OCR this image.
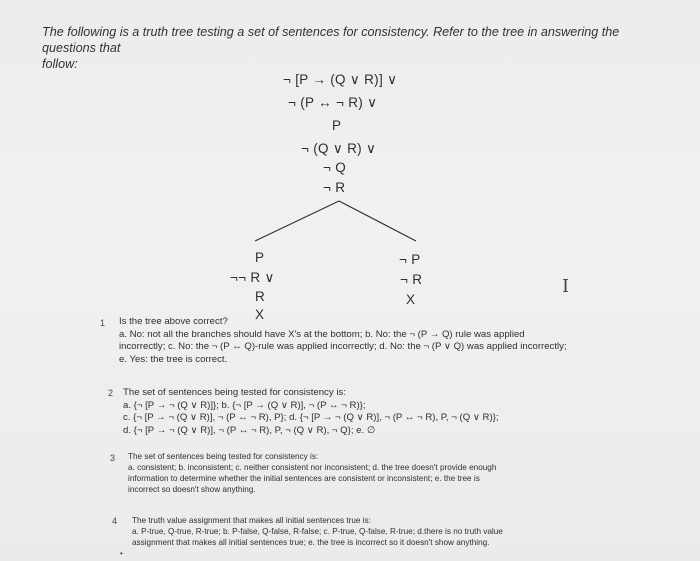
The following is a truth tree testing a set of sentences for consistency. Refer to the tree in answering the questions that
follow:
¬ [P → (Q ∨ R)] ∨
¬ (P ↔ ¬ R) ∨
P
¬ (Q ∨ R) ∨
¬ Q
¬ R
P
¬¬ R ∨
R
X
¬ P
¬ R
X
I
1 Is the tree above correct?
a. No: not all the branches should have X's at the bottom; b. No: the ¬ (P → Q) rule was applied
incorrectly; c. No: the ¬ (P ↔ Q)-rule was applied incorrectly; d. No: the ¬ (P ∨ Q) was applied incorrectly;
e. Yes: the tree is correct.
2 The set of sentences being tested for consistency is:
a. {¬ [P → ¬ (Q ∨ R)]}; b. {¬ [P → (Q ∨ R)], ¬ (P ↔ ¬ R)};
c. {¬ [P → ¬ (Q ∨ R)], ¬ (P ↔ ¬ R), P}; d. {¬ [P → ¬ (Q ∨ R)], ¬ (P ↔ ¬ R), P, ¬ (Q ∨ R)};
d. {¬ [P → ¬ (Q ∨ R)], ¬ (P ↔ ¬ R), P, ¬ (Q ∨ R), ¬ Q}; e. ∅
3 The set of sentences being tested for consistency is:
a. consistent; b. inconsistent; c. neither consistent nor inconsistent; d. the tree doesn't provide enough
information to determine whether the initial sentences are consistent or inconsistent; e. the tree is
incorrect so doesn't show anything.
4 The truth value assignment that makes all initial sentences true is:
a. P-true, Q-true, R-true; b. P-false, Q-false, R-false; c. P-true, Q-false, R-true; d.there is no truth value
assignment that makes all initial sentences true; e. the tree is incorrect so it doesn't show anything.
•
